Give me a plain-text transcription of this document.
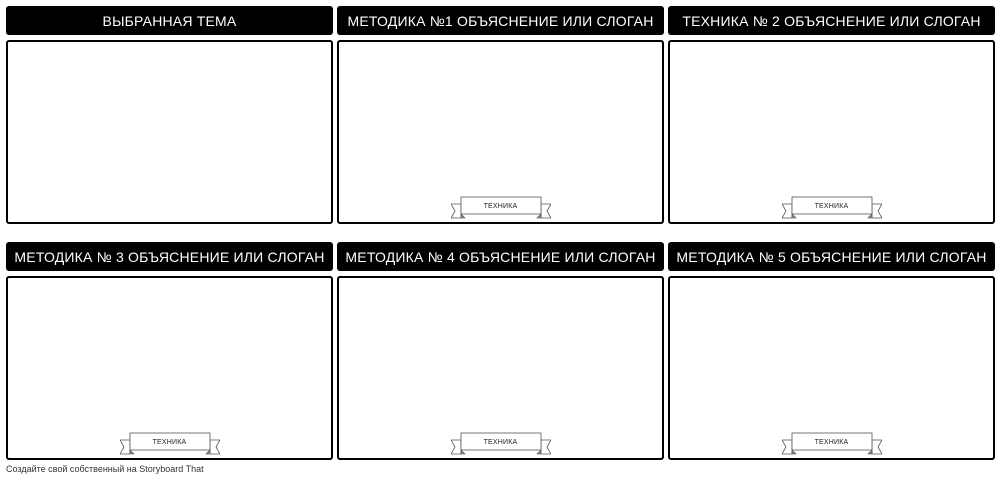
ВЫБРАННАЯ ТЕМА	МЕТОДИКА №1 ОБЪЯСНЕНИЕ ИЛИ СЛОГАН
ТЕХНИКА
ТЕХНИКА № 2 ОБЪЯСНЕНИЕ ИЛИ СЛОГАН
ТЕХНИКА
МЕТОДИКА № 3 ОБЪЯСНЕНИЕ ИЛИ СЛОГАН
ТЕХНИКА
МЕТОДИКА № 4 ОБЪЯСНЕНИЕ ИЛИ СЛОГАН
ТЕХНИКА
МЕТОДИКА № 5 ОБЪЯСНЕНИЕ ИЛИ СЛОГАН
ТЕХНИКА
Создайте свой собственный на Storyboard That
